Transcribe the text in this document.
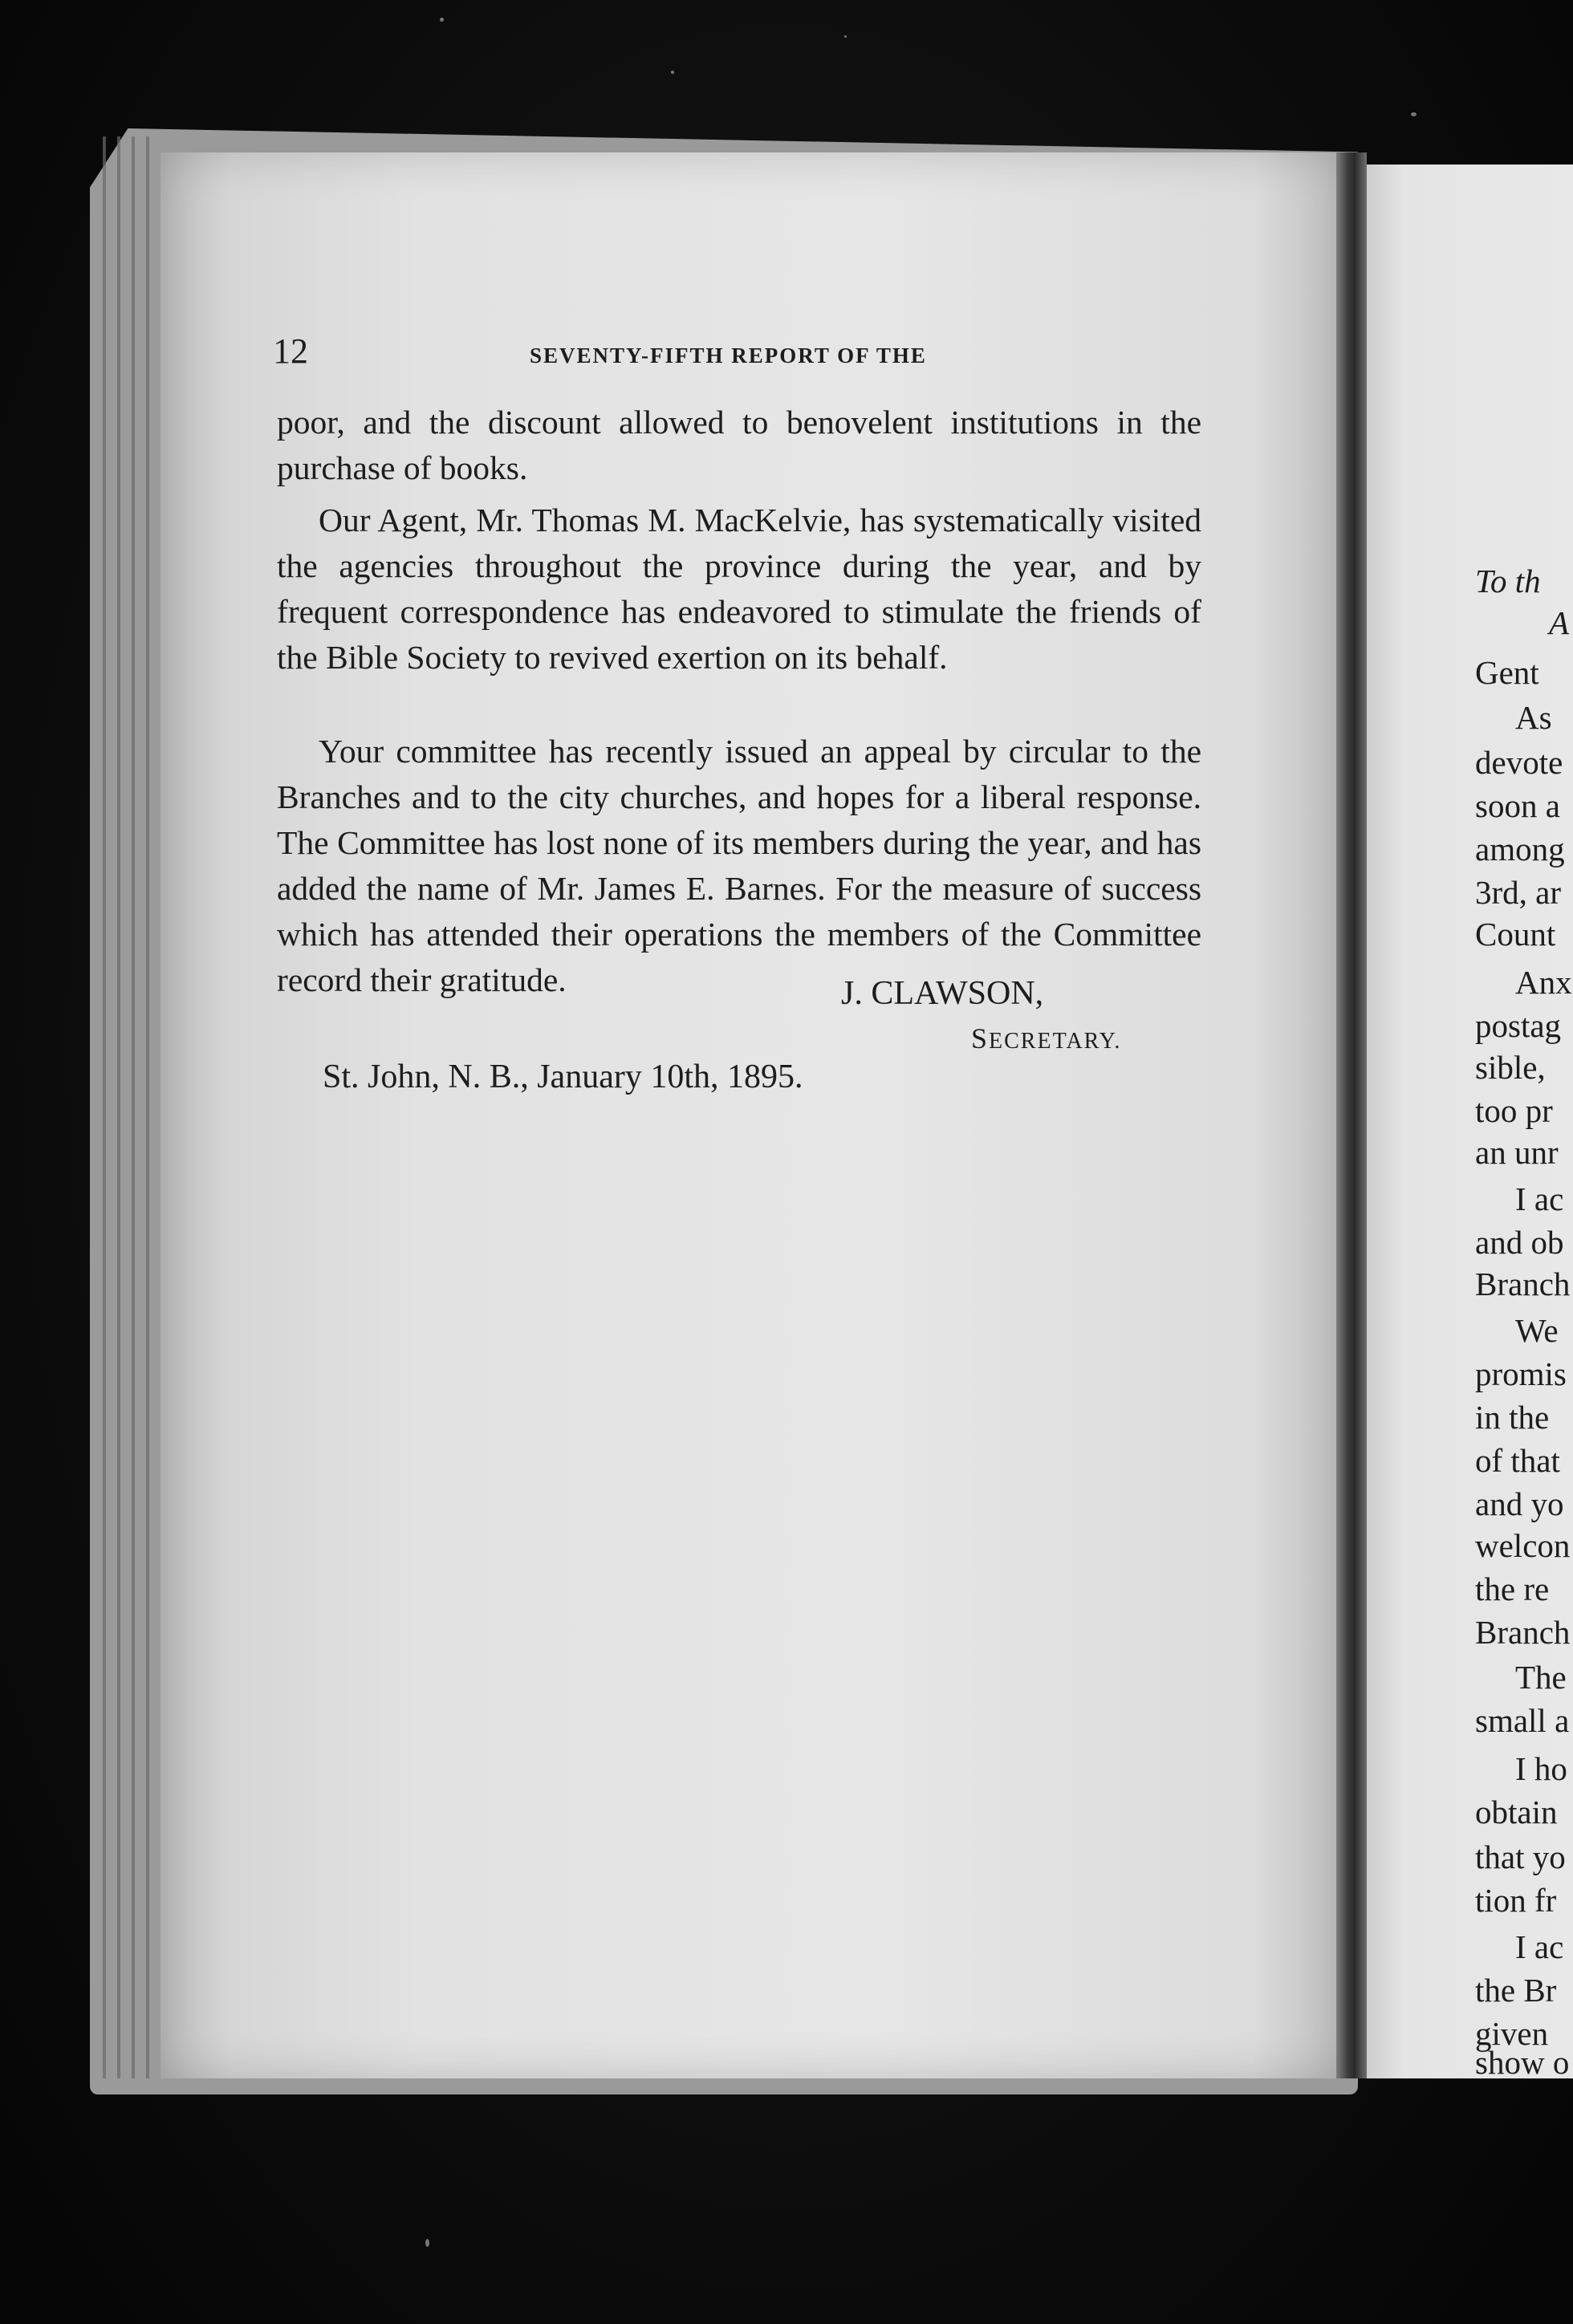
12	SEVENTY-FIFTH REPORT OF THE

poor, and the discount allowed to benovelent institutions in the purchase of books.

Our Agent, Mr. Thomas M. MacKelvie, has systematically visited the agencies throughout the province during the year, and by frequent correspondence has endeavored to stimulate the friends of the Bible Society to revived exertion on its behalf.

Your committee has recently issued an appeal by circular to the Branches and to the city churches, and hopes for a liberal response. The Committee has lost none of its members during the year, and has added the name of Mr. James E. Barnes. For the measure of success which has attended their operations the members of the Committee record their gratitude.	J. CLAWSON,

SECRETARY.

St. John, N. B., January 10th, 1895.

To th

A

Gent

As

devote

soon a

among

3rd, ar

Count

Anx

postag

sible,

too pr

an unr

I ac

and ob

Branch

We

promis

in the

of that

and yo

welcon

the re

Branch

The

small a

I ho

obtain

that yo

tion fr

I ac

the Br

given

show o
